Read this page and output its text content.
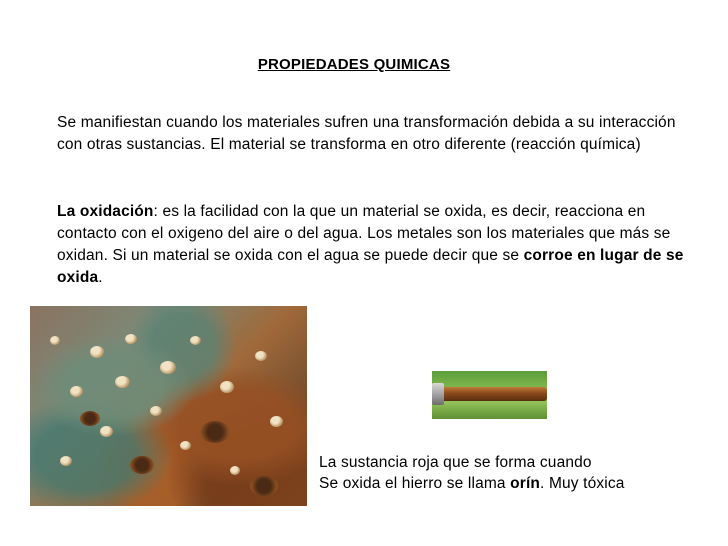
PROPIEDADES QUIMICAS
Se manifiestan cuando los materiales sufren una transformación debida a su interacción con otras sustancias. El material se transforma en otro diferente (reacción química)
La oxidación: es la facilidad con la que un material se oxida, es decir, reacciona en contacto con el oxigeno del aire o del agua. Los metales son los materiales que más se oxidan. Si un material se oxida con el agua se puede decir que se corroe en lugar de se oxida.
La sustancia roja que se forma cuando
Se oxida el hierro se llama orín. Muy tóxica
